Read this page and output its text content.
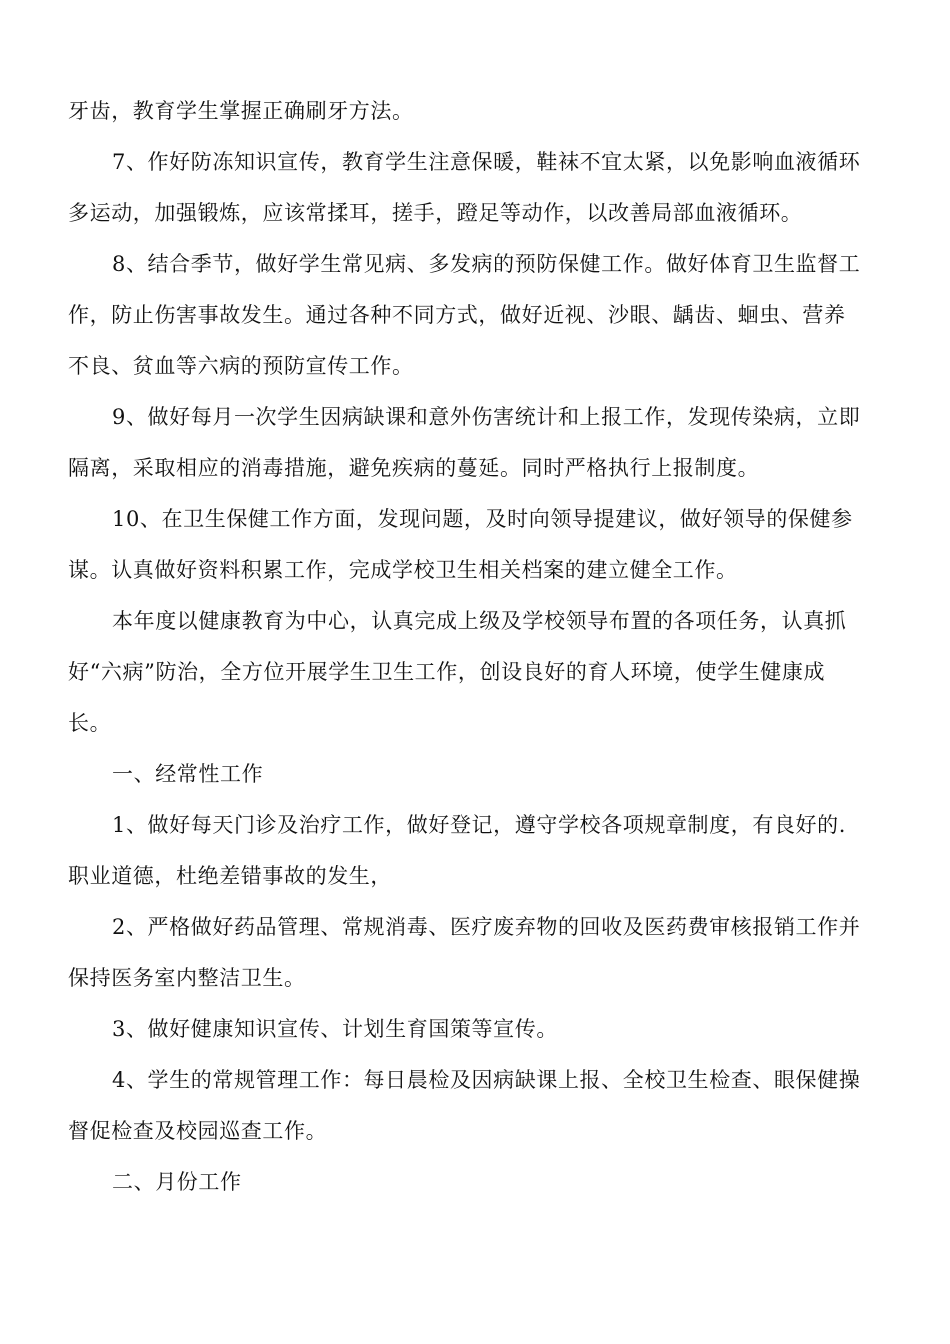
牙齿，教育学生掌握正确刷牙方法。
7、作好防冻知识宣传，教育学生注意保暖，鞋袜不宜太紧，以免影响血液循环
多运动，加强锻炼，应该常揉耳，搓手，蹬足等动作，以改善局部血液循环。
8、结合季节，做好学生常见病、多发病的预防保健工作。做好体育卫生监督工
作，防止伤害事故发生。通过各种不同方式，做好近视、沙眼、龋齿、蛔虫、营养
不良、贫血等六病的预防宣传工作。
9、做好每月一次学生因病缺课和意外伤害统计和上报工作，发现传染病，立即
隔离，采取相应的消毒措施，避免疾病的蔓延。同时严格执行上报制度。
10、在卫生保健工作方面，发现问题，及时向领导提建议，做好领导的保健参
谋。认真做好资料积累工作，完成学校卫生相关档案的建立健全工作。
本年度以健康教育为中心，认真完成上级及学校领导布置的各项任务，认真抓
好“六病”防治，全方位开展学生卫生工作，创设良好的育人环境，使学生健康成
长。
一、经常性工作
1、做好每天门诊及治疗工作，做好登记，遵守学校各项规章制度，有良好的.
职业道德，杜绝差错事故的发生，
2、严格做好药品管理、常规消毒、医疗废弃物的回收及医药费审核报销工作并
保持医务室内整洁卫生。
3、做好健康知识宣传、计划生育国策等宣传。
4、学生的常规管理工作：每日晨检及因病缺课上报、全校卫生检查、眼保健操
督促检查及校园巡查工作。
二、月份工作
